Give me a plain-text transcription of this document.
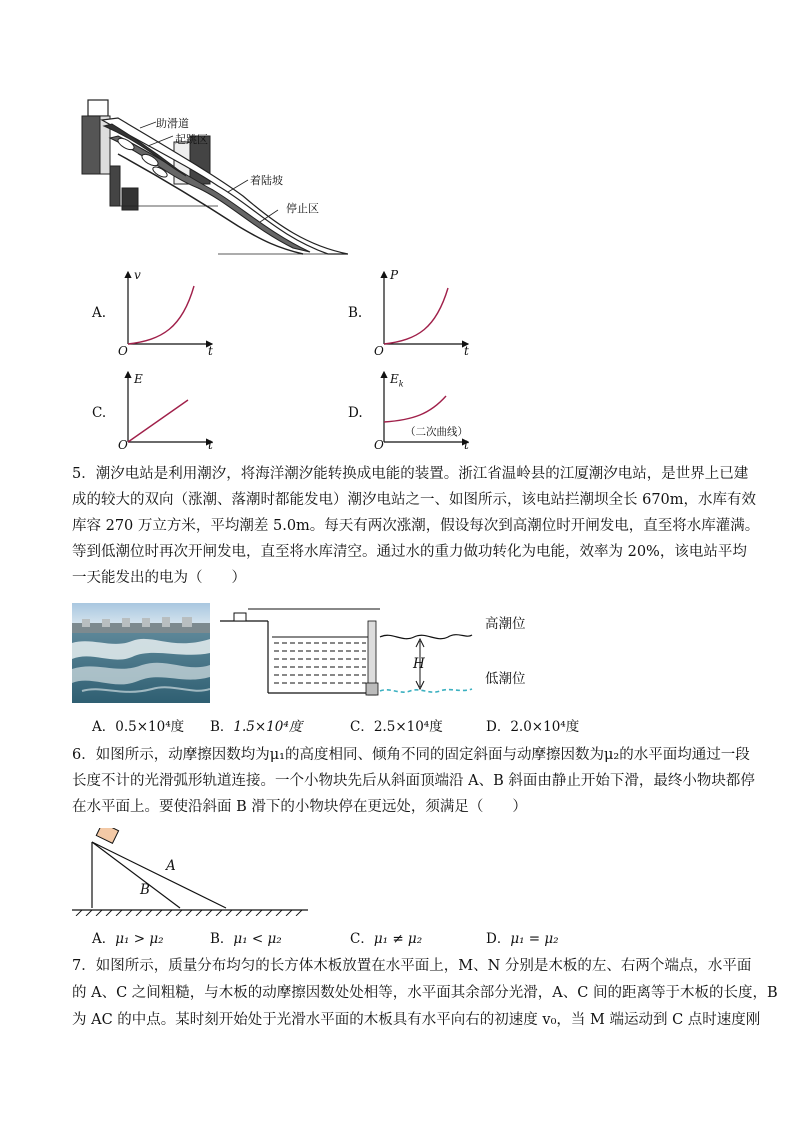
助滑道
起跳区
着陆坡
停止区
A.
v
t
O
B.
P
t
O
C.
E
t
O
D.
$E_k$
t
O
（二次曲线）
5．潮汐电站是利用潮汐，将海洋潮汐能转换成电能的装置。浙江省温岭县的江厦潮汐电站，是世界上已建
成的较大的双向（涨潮、落潮时都能发电）潮汐电站之一、如图所示，该电站拦潮坝全长 670m，水库有效
库容 270 万立方米，平均潮差 5.0m。每天有两次涨潮，假设每次到高潮位时开闸发电，直至将水库灌满。
等到低潮位时再次开闸发电，直至将水库清空。通过水的重力做功转化为电能，效率为 20%，该电站平均
一天能发出的电为（　　）
H
高潮位
低潮位
A．0.5×10⁴度 B．1.5×10⁴度	C．2.5×10⁴度	D．2.0×10⁴度
6．如图所示，动摩擦因数均为μ₁的高度相同、倾角不同的固定斜面与动摩擦因数为μ₂的水平面均通过一段
长度不计的光滑弧形轨道连接。一个小物块先后从斜面顶端沿 A、B 斜面由静止开始下滑，最终小物块都停
在水平面上。要使沿斜面 B 滑下的小物块停在更远处，须满足（　　）
A
B
A．μ₁ > μ₂	B．μ₁ < μ₂	C．μ₁ ≠ μ₂	D．μ₁ = μ₂
7．如图所示，质量分布均匀的长方体木板放置在水平面上，M、N 分别是木板的左、右两个端点，水平面
的 A、C 之间粗糙，与木板的动摩擦因数处处相等，水平面其余部分光滑，A、C 间的距离等于木板的长度，B
为 AC 的中点。某时刻开始处于光滑水平面的木板具有水平向右的初速度 v₀，当 M 端运动到 C 点时速度刚
